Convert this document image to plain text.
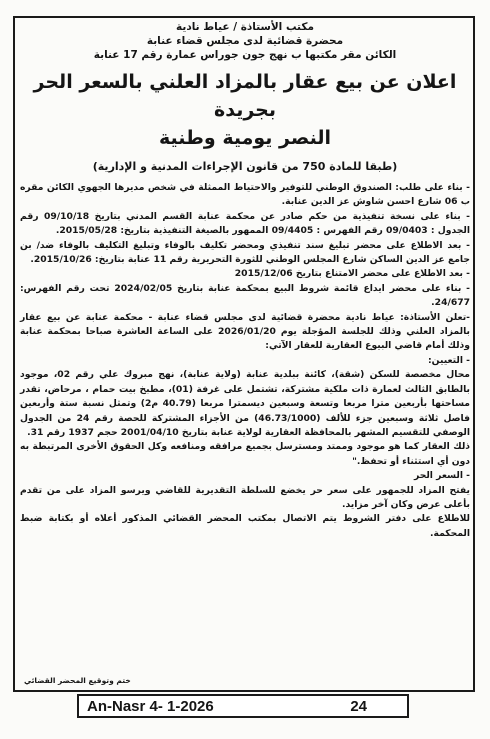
مكتب الأستاذة / عياط نادية
محضرة قضائية لدى مجلس قضاء عنابة
الكائن مقر مكتبها ب نهج جون جوراس عمارة رقم 17 عنابة
اعلان عن بيع عقار بالمزاد العلني بالسعر الحر بجريدة
النصر يومية وطنية
(طبقا للمادة 750 من قانون الإجراءات المدنية و الإدارية)

- بناء على طلب: الصندوق الوطني للتوفير والاحتياط الممثلة في شخص مديرها الجهوي الكائن مقره ب 06 شارع احسن شاوش عز الدين عنابة.

- بناء على نسخة تنفيذية من حكم صادر عن محكمة عنابة القسم المدني بتاريخ 09/10/18 رقم الجدول : 09/0403 رقم الفهرس : 09/4405 الممهور بالصيغة التنفيذية بتاريخ: 2015/05/28.

- بعد الاطلاع على محضر تبليغ سند تنفيذي ومحضر تكليف بالوفاء وتبليغ التكليف بالوفاء ضد/ بن جامع عز الدين الساكن شارع المجلس الوطني للثورة التحريرية رقم 11 عنابة بتاريخ: 2015/10/26.

- بعد الاطلاع على محضر الامتناع بتاريخ 2015/12/06

- بناء على محضر ايداع قائمة شروط البيع بمحكمة عنابة بتاريخ 2024/02/05 تحت رقم الفهرس: 24/677.

-تعلن الأستاذة: عياط نادية محضرة قضائية لدى مجلس قضاء عنابة - محكمة عنابة عن بيع عقار بالمزاد العلني وذلك للجلسة المؤجلة يوم 2026/01/20 على الساعة العاشرة صباحا بمحكمة عنابة وذلك أمام قاضي البيوع العقارية للعقار الآتي:

- التعيين:

محال مخصصة للسكن (شقة)، كائنة ببلدية عنابة (ولاية عنابة)، نهج مبروك علي رقم 02، موجود بالطابق الثالث لعمارة ذات ملكية مشتركة، تشتمل على غرفة (01)، مطبخ بيت حمام ، مرحاض، تقدر مساحتها بأربعين مترا مربعا وتسعة وسبعين ديسمترا مربعا (40.79 م2) وتمثل نسبة ستة وأربعين فاصل ثلاثة وسبعين جزء للألف (46.73/1000) من الأجزاء المشتركة للحصة رقم 24 من الجدول الوصفي للتقسيم المشهر بالمحافظة العقارية لولاية عنابة بتاريخ 2001/04/10 حجم 1937 رقم 31.

ذلك العقار كما هو موجود وممتد ومسترسل بجميع مرافقه ومنافعه وكل الحقوق الأخرى المرتبطة به دون أي استثناء أو تحفظ."

- السعر الحر

يفتح المزاد للجمهور على سعر حر يخضع للسلطة التقديرية للقاضي ويرسو المزاد على من تقدم بأعلى عرض وكان آخر مزايد.

للاطلاع على دفتر الشروط يتم الاتصال بمكتب المحضر القضائي المذكور أعلاه أو بكتابة ضبط المحكمة.

ختم وتوقيع المحضر القضائي
An-Nasr 4- 1-2026	24
